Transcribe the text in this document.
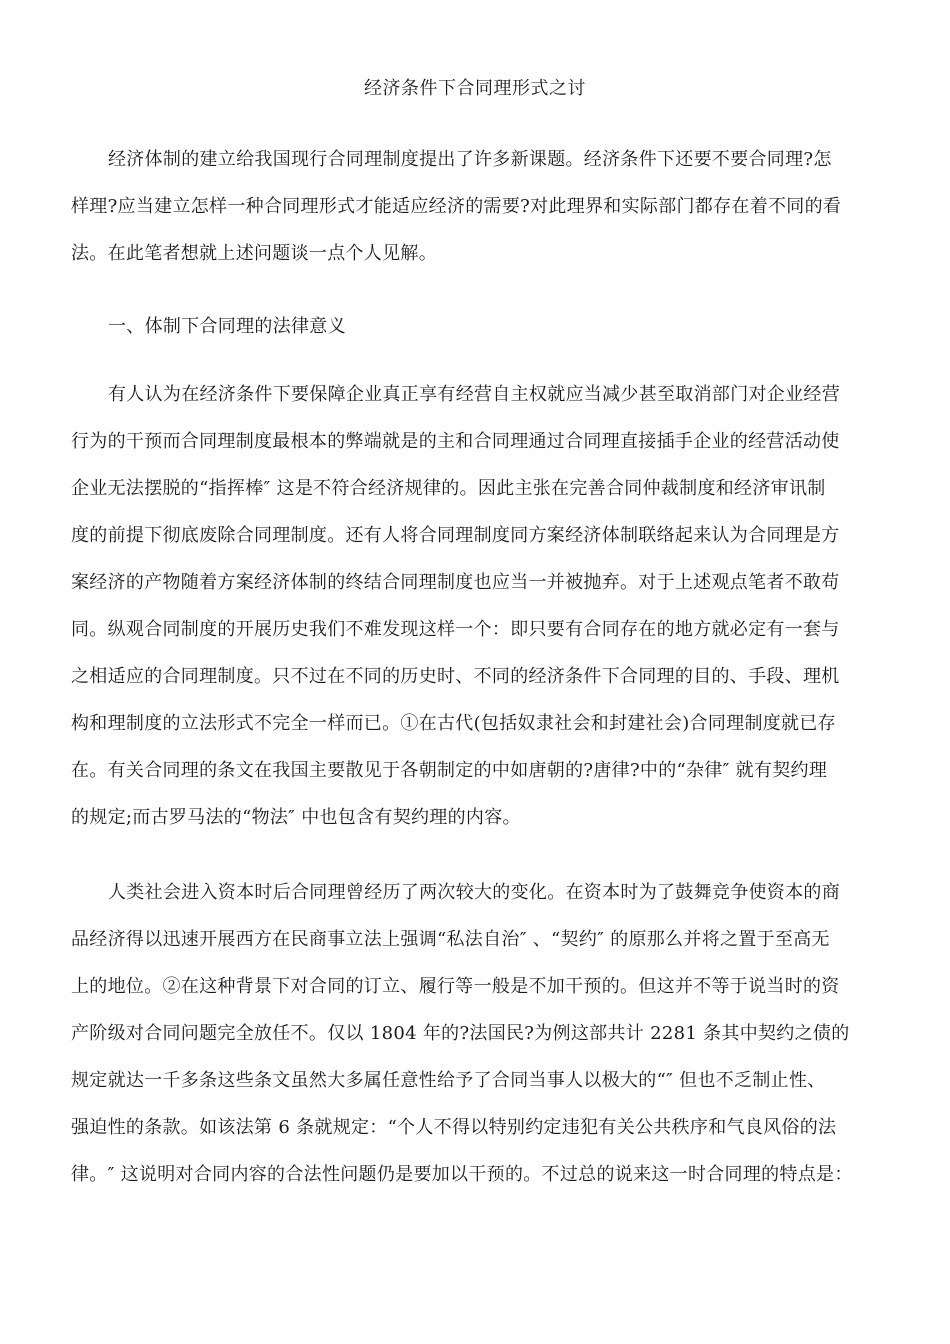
经济条件下合同理形式之讨
经济体制的建立给我国现行合同理制度提出了许多新课题。经济条件下还要不要合同理?怎
样理?应当建立怎样一种合同理形式才能适应经济的需要?对此理界和实际部门都存在着不同的看
法。在此笔者想就上述问题谈一点个人见解。
一、体制下合同理的法律意义
有人认为在经济条件下要保障企业真正享有经营自主权就应当减少甚至取消部门对企业经营
行为的干预而合同理制度最根本的弊端就是的主和合同理通过合同理直接插手企业的经营活动使
企业无法摆脱的“指挥棒″ 这是不符合经济规律的。因此主张在完善合同仲裁制度和经济审讯制
度的前提下彻底废除合同理制度。还有人将合同理制度同方案经济体制联络起来认为合同理是方
案经济的产物随着方案经济体制的终结合同理制度也应当一并被抛弃。对于上述观点笔者不敢苟
同。纵观合同制度的开展历史我们不难发现这样一个：即只要有合同存在的地方就必定有一套与
之相适应的合同理制度。只不过在不同的历史时、不同的经济条件下合同理的目的、手段、理机
构和理制度的立法形式不完全一样而已。①在古代(包括奴隶社会和封建社会)合同理制度就已存
在。有关合同理的条文在我国主要散见于各朝制定的中如唐朝的?唐律?中的“杂律″ 就有契约理
的规定;而古罗马法的“物法″ 中也包含有契约理的内容。
人类社会进入资本时后合同理曾经历了两次较大的变化。在资本时为了鼓舞竞争使资本的商
品经济得以迅速开展西方在民商事立法上强调“私法自治″ 、“契约″ 的原那么并将之置于至高无
上的地位。②在这种背景下对合同的订立、履行等一般是不加干预的。但这并不等于说当时的资
产阶级对合同问题完全放任不。仅以 1804 年的?法国民?为例这部共计 2281 条其中契约之债的
规定就达一千多条这些条文虽然大多属任意性给予了合同当事人以极大的“″ 但也不乏制止性、
强迫性的条款。如该法第 6 条就规定：“个人不得以特别约定违犯有关公共秩序和气良风俗的法
律。″ 这说明对合同内容的合法性问题仍是要加以干预的。不过总的说来这一时合同理的特点是：
